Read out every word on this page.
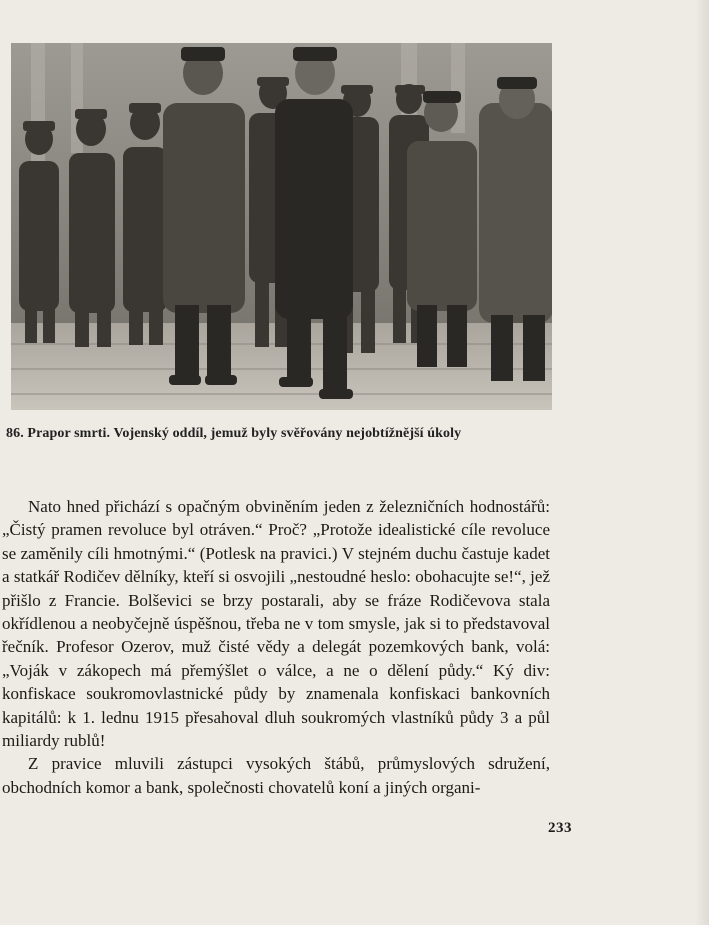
86. Prapor smrti. Vojenský oddíl, jemuž byly svěřovány nejobtížnější úkoly

Nato hned přichází s opačným obviněním jeden z železničních hodnostářů: „Čistý pramen revoluce byl otráven.“ Proč? „Protože idealistické cíle revoluce se zaměnily cíli hmotnými.“ (Potlesk na pravici.) V stejném duchu častuje kadet a statkář Rodičev dělníky, kteří si osvojili „nestoudné heslo: obohacujte se!“, jež přišlo z Francie. Bolševici se brzy postarali, aby se fráze Rodičevova stala okřídlenou a neobyčejně úspěšnou, třeba ne v tom smysle, jak si to představoval řečník. Profesor Ozerov, muž čisté vědy a delegát pozemkových bank, volá: „Voják v zákopech má přemýšlet o válce, a ne o dělení půdy.“ Ký div: konfiskace soukromovlastnické půdy by znamenala konfiskaci bankovních kapitálů: k 1. lednu 1915 přesahoval dluh soukromých vlastníků půdy 3 a půl miliardy rublů!

Z pravice mluvili zástupci vysokých štábů, průmyslových sdružení, obchodních komor a bank, společnosti chovatelů koní a jiných organi-

233
